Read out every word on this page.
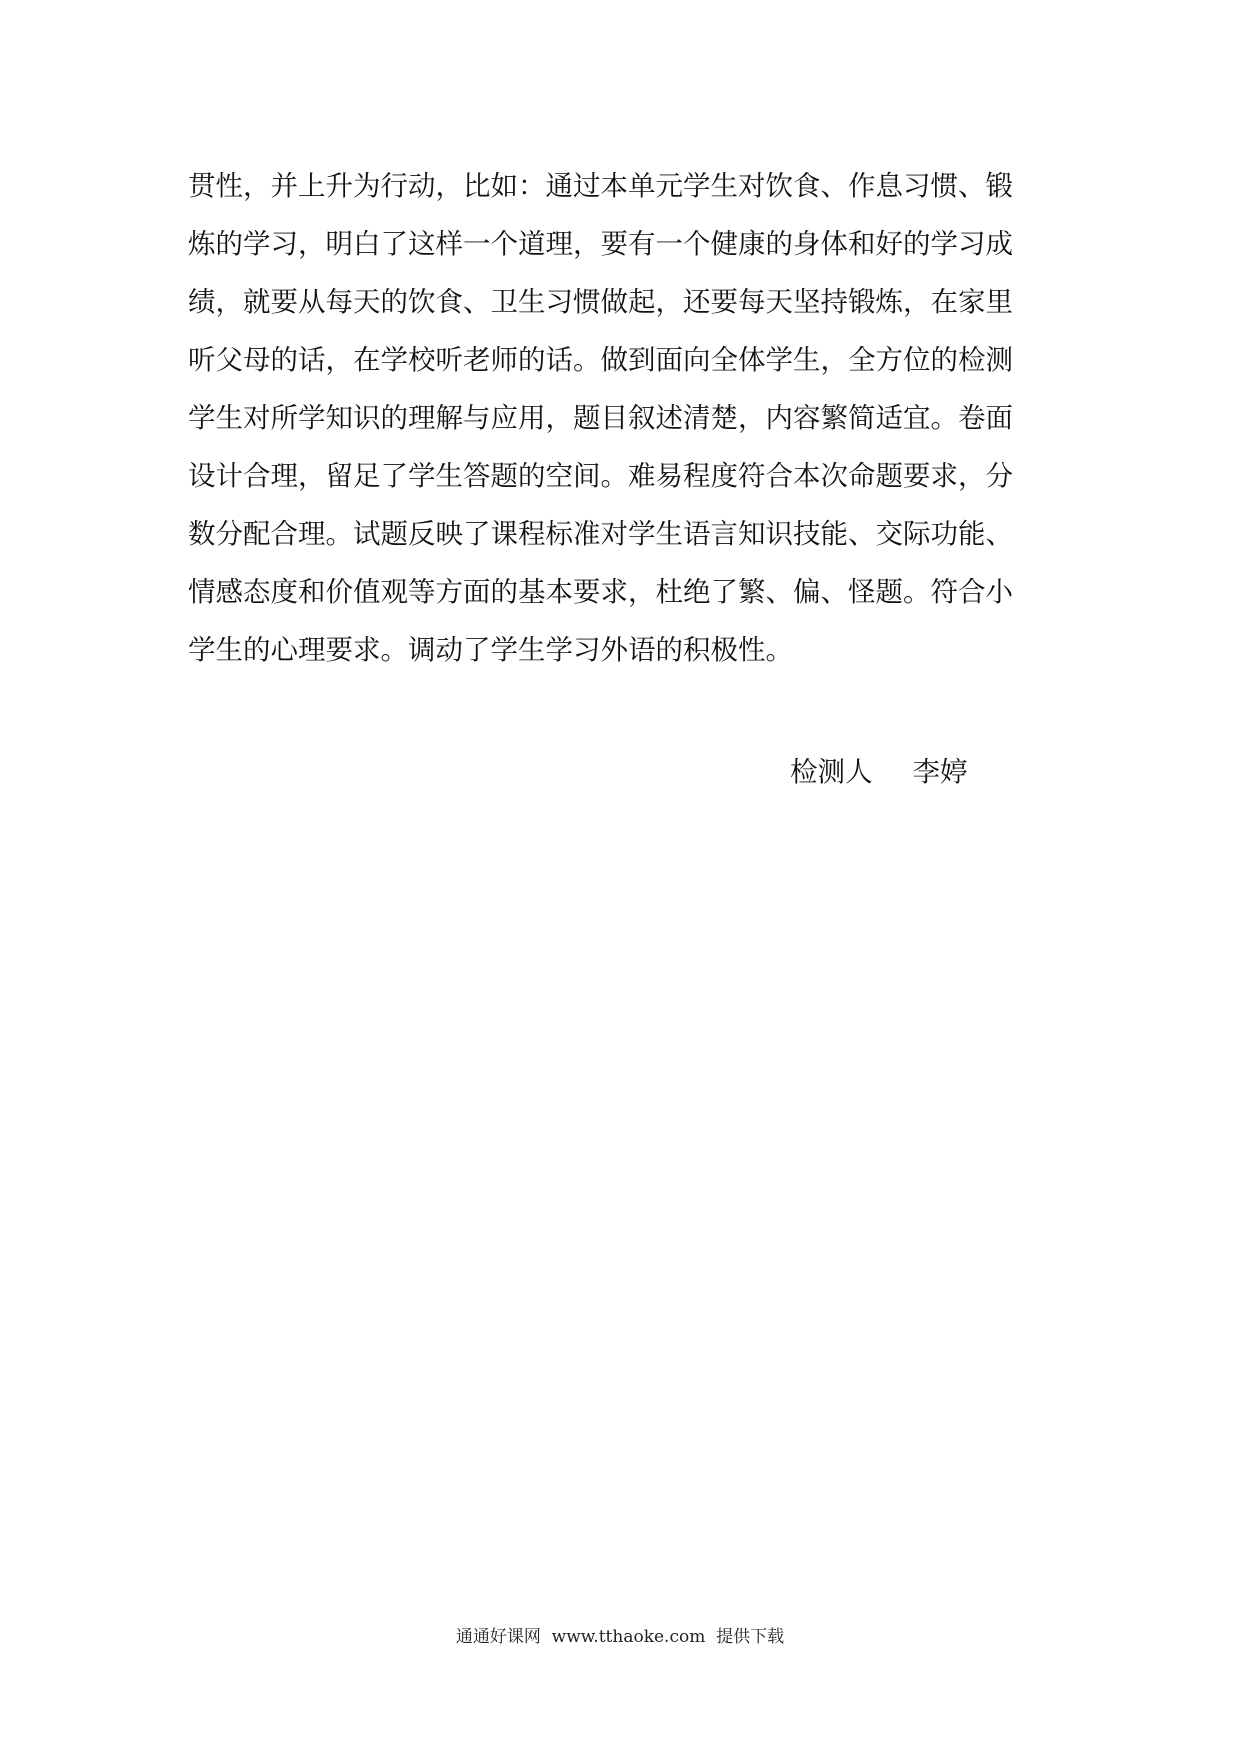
贯性，并上升为行动，比如：通过本单元学生对饮食、作息习惯、锻
炼的学习，明白了这样一个道理，要有一个健康的身体和好的学习成
绩，就要从每天的饮食、卫生习惯做起，还要每天坚持锻炼，在家里
听父母的话，在学校听老师的话。做到面向全体学生，全方位的检测
学生对所学知识的理解与应用，题目叙述清楚，内容繁简适宜。卷面
设计合理，留足了学生答题的空间。难易程度符合本次命题要求，分
数分配合理。试题反映了课程标准对学生语言知识技能、交际功能、
情感态度和价值观等方面的基本要求，杜绝了繁、偏、怪题。符合小
学生的心理要求。调动了学生学习外语的积极性。
检测人 李婷
通通好课网  www.tthaoke.com  提供下载
